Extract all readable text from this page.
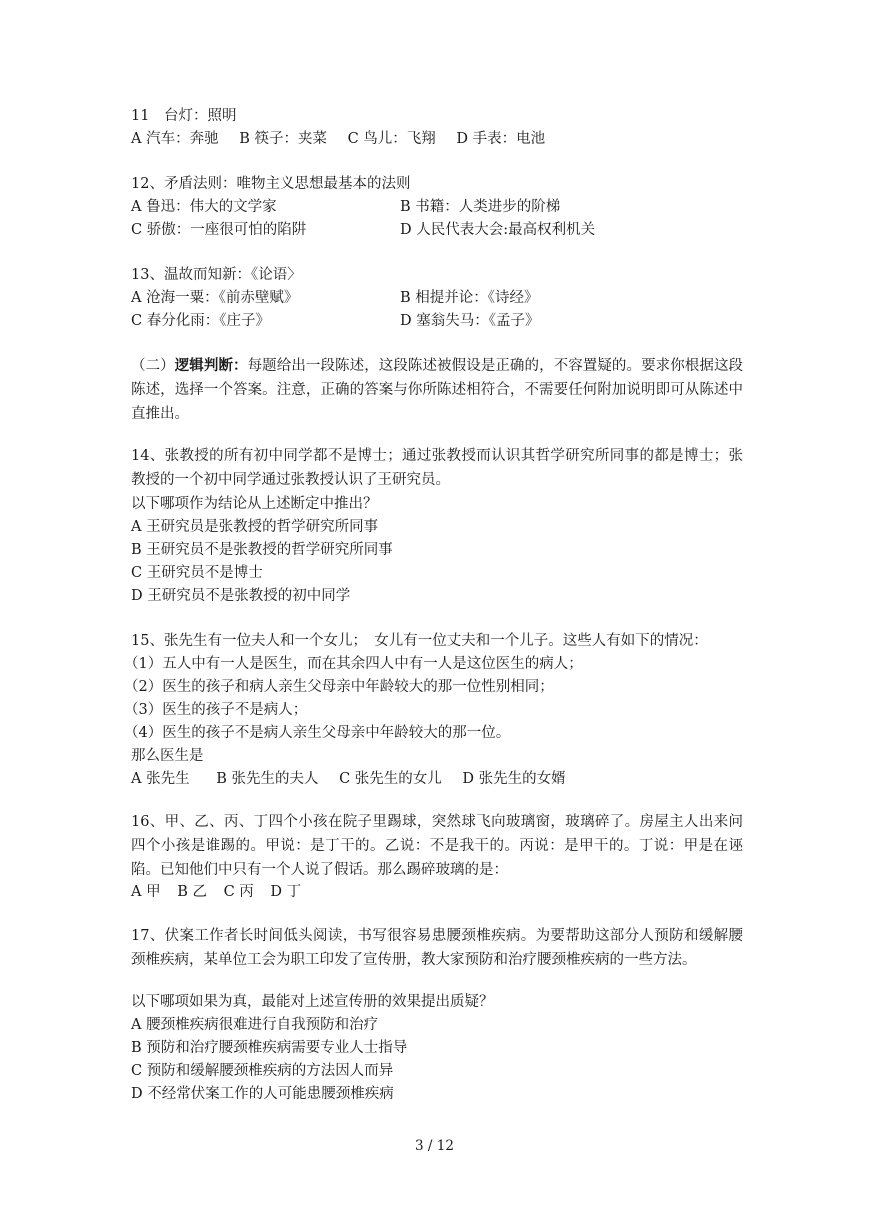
11　台灯：照明
A 汽车：奔驰 B 筷子：夹菜 C 鸟儿：飞翔 D 手表：电池
12、矛盾法则：唯物主义思想最基本的法则
A 鲁迅：伟大的文学家	B 书籍：人类进步的阶梯
C 骄傲：一座很可怕的陷阱	D 人民代表大会:最高权利机关
13、温故而知新：《论语〉
A 沧海一粟：《前赤壁赋》	B 相提并论：《诗经》
C 春分化雨：《庄子》	D 塞翁失马：《孟子》
（二）逻辑判断：每题给出一段陈述，这段陈述被假设是正确的，不容置疑的。要求你根据这段陈述，选择一个答案。注意，正确的答案与你所陈述相符合，不需要任何附加说明即可从陈述中直推出。
14、张教授的所有初中同学都不是博士；通过张教授而认识其哲学研究所同事的都是博士；张教授的一个初中同学通过张教授认识了王研究员。
以下哪项作为结论从上述断定中推出？
A 王研究员是张教授的哲学研究所同事
B 王研究员不是张教授的哲学研究所同事
C 王研究员不是博士
D 王研究员不是张教授的初中同学
15、张先生有一位夫人和一个女儿；　女儿有一位丈夫和一个儿子。这些人有如下的情况：
（1）五人中有一人是医生，而在其余四人中有一人是这位医生的病人；
（2）医生的孩子和病人亲生父母亲中年龄较大的那一位性别相同；
（3）医生的孩子不是病人；
（4）医生的孩子不是病人亲生父母亲中年龄较大的那一位。
那么医生是
A 张先生 B 张先生的夫人 C 张先生的女儿 D 张先生的女婿
16、甲、乙、丙、丁四个小孩在院子里踢球，突然球飞向玻璃窗，玻璃碎了。房屋主人出来问四个小孩是谁踢的。甲说：是丁干的。乙说：不是我干的。丙说：是甲干的。丁说：甲是在诬陷。已知他们中只有一个人说了假话。那么踢碎玻璃的是：
A 甲 B 乙 C 丙 D 丁
17、伏案工作者长时间低头阅读，书写很容易患腰颈椎疾病。为要帮助这部分人预防和缓解腰颈椎疾病，某单位工会为职工印发了宣传册，教大家预防和治疗腰颈椎疾病的一些方法。
以下哪项如果为真，最能对上述宣传册的效果提出质疑？
A 腰颈椎疾病很难进行自我预防和治疗
B 预防和治疗腰颈椎疾病需要专业人士指导
C 预防和缓解腰颈椎疾病的方法因人而异
D 不经常伏案工作的人可能患腰颈椎疾病
3 / 12
